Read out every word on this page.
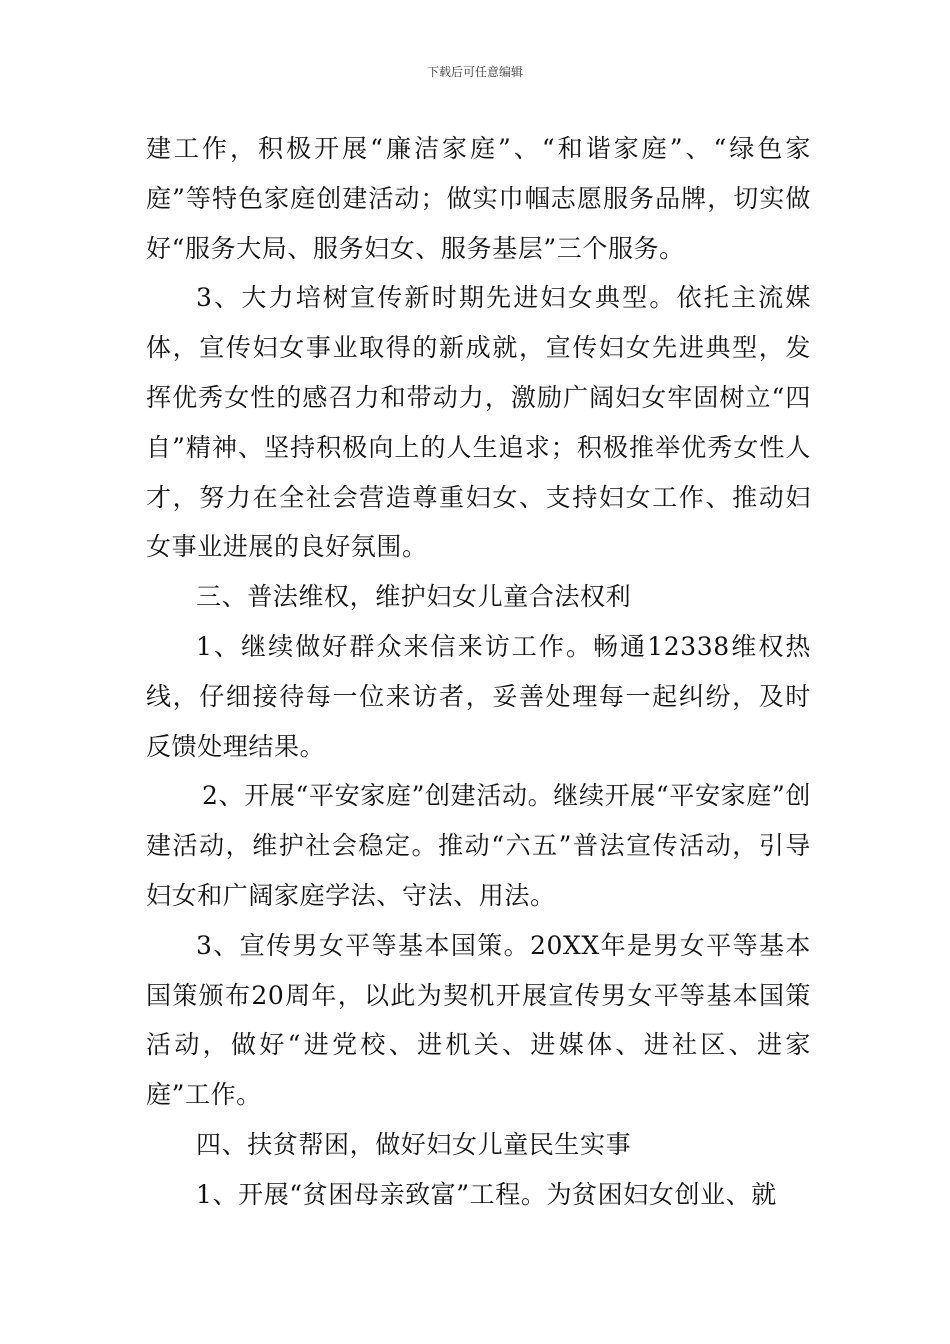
下载后可任意编辑

建工作，积极开展“廉洁家庭”、“和谐家庭”、“绿色家庭”等特色家庭创建活动；做实巾帼志愿服务品牌，切实做好“服务大局、服务妇女、服务基层”三个服务。

3、大力培树宣传新时期先进妇女典型。依托主流媒体，宣传妇女事业取得的新成就，宣传妇女先进典型，发挥优秀女性的感召力和带动力，激励广阔妇女牢固树立“四自”精神、坚持积极向上的人生追求；积极推举优秀女性人才，努力在全社会营造尊重妇女、支持妇女工作、推动妇女事业进展的良好氛围。

三、普法维权，维护妇女儿童合法权利

1、继续做好群众来信来访工作。畅通12338维权热线，仔细接待每一位来访者，妥善处理每一起纠纷，及时反馈处理结果。

2、开展“平安家庭”创建活动。继续开展“平安家庭”创建活动，维护社会稳定。推动“六五”普法宣传活动，引导妇女和广阔家庭学法、守法、用法。

3、宣传男女平等基本国策。20XX年是男女平等基本国策颁布20周年，以此为契机开展宣传男女平等基本国策活动，做好“进党校、进机关、进媒体、进社区、进家庭”工作。

四、扶贫帮困，做好妇女儿童民生实事

1、开展“贫困母亲致富”工程。为贫困妇女创业、就
